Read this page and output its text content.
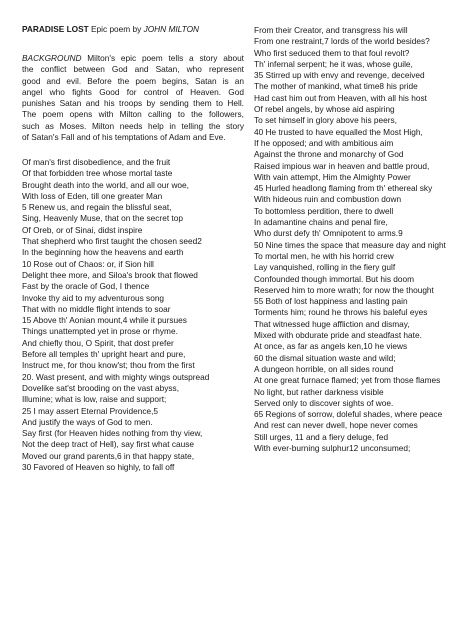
PARADISE LOST Epic poem by JOHN MILTON
BACKGROUND Milton's epic poem tells a story about
the conflict between God and Satan, who represent
good and evil. Before the poem begins, Satan is an
angel who fights Good for control of Heaven. God
punishes Satan and his troops by sending them to Hell.
The poem opens with Milton calling to the followers,
such as Moses. Milton needs help in telling the story
of Satan's Fall and of his temptations of Adam and Eve.
Of man's first disobedience, and the fruit
Of that forbidden tree whose mortal taste
Brought death into the world, and all our woe,
With loss of Eden, till one greater Man
5 Renew us, and regain the blissful seat,
Sing, Heavenly Muse, that on the secret top
Of Oreb, or of Sinai, didst inspire
That shepherd who first taught the chosen seed2
In the beginning how the heavens and earth
10 Rose out of Chaos: or, if Sion hill
Delight thee more, and Siloa's brook that flowed
Fast by the oracle of God, I thence
Invoke thy aid to my adventurous song
That with no middle flight intends to soar
15 Above th' Aonian mount,4 while it pursues
Things unattempted yet in prose or rhyme.
And chiefly thou, O Spirit, that dost prefer
Before all temples th' upright heart and pure,
Instruct me, for thou know'st; thou from the first
20. Wast present, and with mighty wings outspread
Dovelike sat'st brooding on the vast abyss,
Illumine; what is low, raise and support;
25 I may assert Eternal Providence,5
And justify the ways of God to men.
Say first (for Heaven hides nothing from thy view,
Not the deep tract of Hell), say first what cause
Moved our grand parents,6 in that happy state,
30 Favored of Heaven so highly, to fall off
From their Creator, and transgress his will
From one restraint,7 lords of the world besides?
Who first seduced them to that foul revolt?
Th' infernal serpent; he it was, whose guile,
35 Stirred up with envy and revenge, deceived
The mother of mankind, what time8 his pride
Had cast him out from Heaven, with all his host
Of rebel angels, by whose aid aspiring
To set himself in glory above his peers,
40 He trusted to have equalled the Most High,
If he opposed; and with ambitious aim
Against the throne and monarchy of God
Raised impious war in heaven and battle proud,
With vain attempt, Him the Almighty Power
45 Hurled headlong flaming from th' ethereal sky
With hideous ruin and combustion down
To bottomless perdition, there to dwell
In adamantine chains and penal fire,
Who durst defy th' Omnipotent to arms.9
50 Nine times the space that measure day and night
To mortal men, he with his horrid crew
Lay vanquished, rolling in the fiery gulf
Confounded though immortal. But his doom
Reserved him to more wrath; for now the thought
55 Both of lost happiness and lasting pain
Torments him; round he throws his baleful eyes
That witnessed huge affliction and dismay,
Mixed with obdurate pride and steadfast hate.
At once, as far as angels ken,10 he views
60 the dismal situation waste and wild;
A dungeon horrible, on all sides round
At one great furnace flamed; yet from those flames
No light, but rather darkness visible
Served only to discover sights of woe.
65 Regions of sorrow, doleful shades, where peace
And rest can never dwell, hope never comes
Still urges, 11 and a fiery deluge, fed
With ever-burning sulphur12 unconsumed;
